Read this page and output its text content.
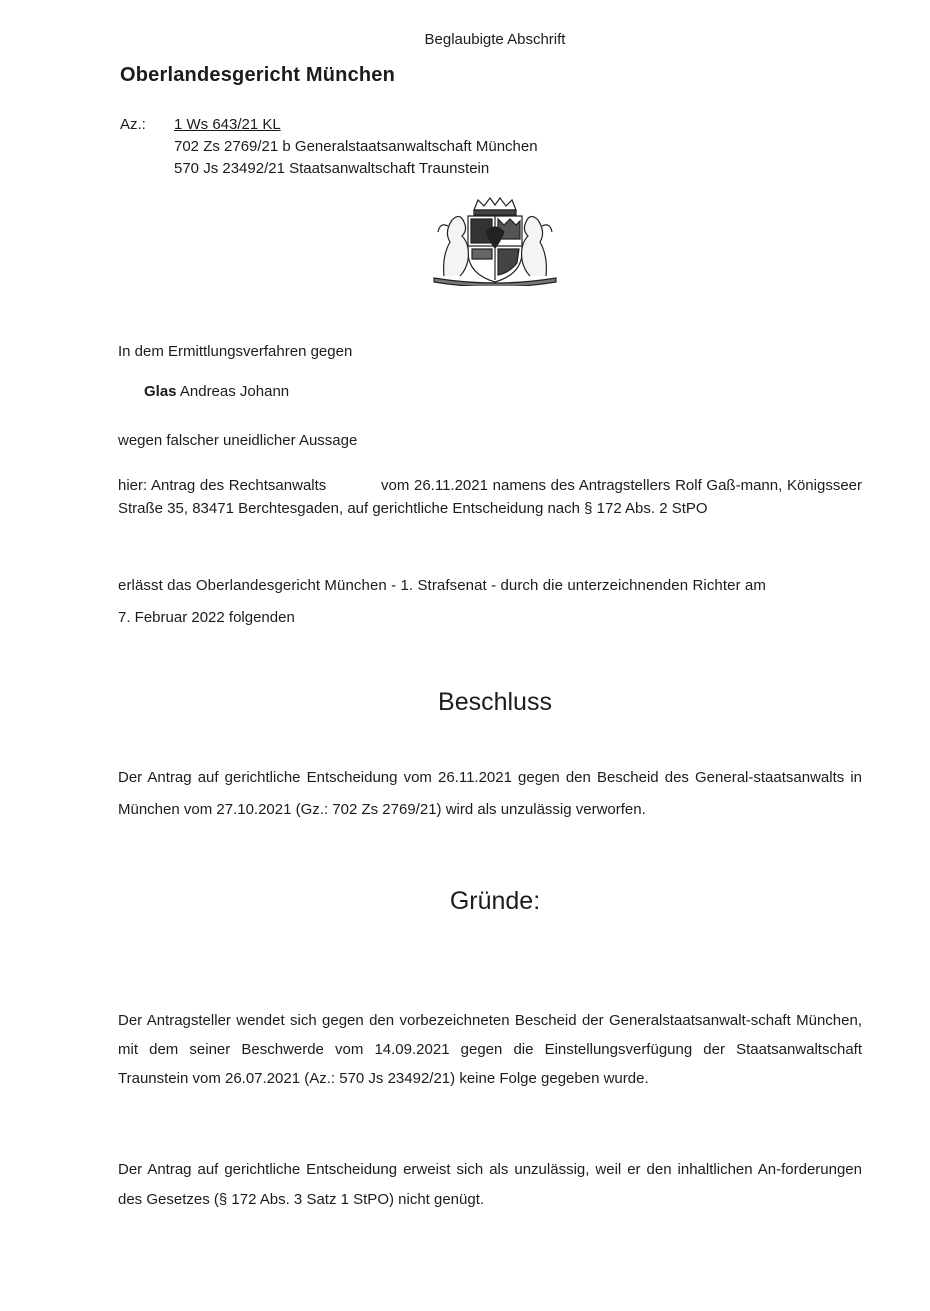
Beglaubigte Abschrift
Oberlandesgericht München
Az.: 1 Ws 643/21 KL
702 Zs 2769/21 b Generalstaatsanwaltschaft München
570 Js 23492/21 Staatsanwaltschaft Traunstein
In dem Ermittlungsverfahren gegen
Glas Andreas Johann
wegen falscher uneidlicher Aussage
hier: Antrag des Rechtsanwalts	vom 26.11.2021 namens des Antragstellers Rolf Gaß-mann, Königsseer Straße 35, 83471 Berchtesgaden, auf gerichtliche Entscheidung nach § 172 Abs. 2 StPO
erlässt das Oberlandesgericht München - 1. Strafsenat - durch die unterzeichnenden Richter am
7. Februar 2022 folgenden
Beschluss
Der Antrag auf gerichtliche Entscheidung vom 26.11.2021 gegen den Bescheid des General-staatsanwalts in München vom 27.10.2021 (Gz.: 702 Zs 2769/21) wird als unzulässig verworfen.
Gründe:
Der Antragsteller wendet sich gegen den vorbezeichneten Bescheid der Generalstaatsanwalt-schaft München, mit dem seiner Beschwerde vom 14.09.2021 gegen die Einstellungsverfügung der Staatsanwaltschaft Traunstein vom 26.07.2021 (Az.: 570 Js 23492/21) keine Folge gegeben wurde.
Der Antrag auf gerichtliche Entscheidung erweist sich als unzulässig, weil er den inhaltlichen An-forderungen des Gesetzes (§ 172 Abs. 3 Satz 1 StPO) nicht genügt.
